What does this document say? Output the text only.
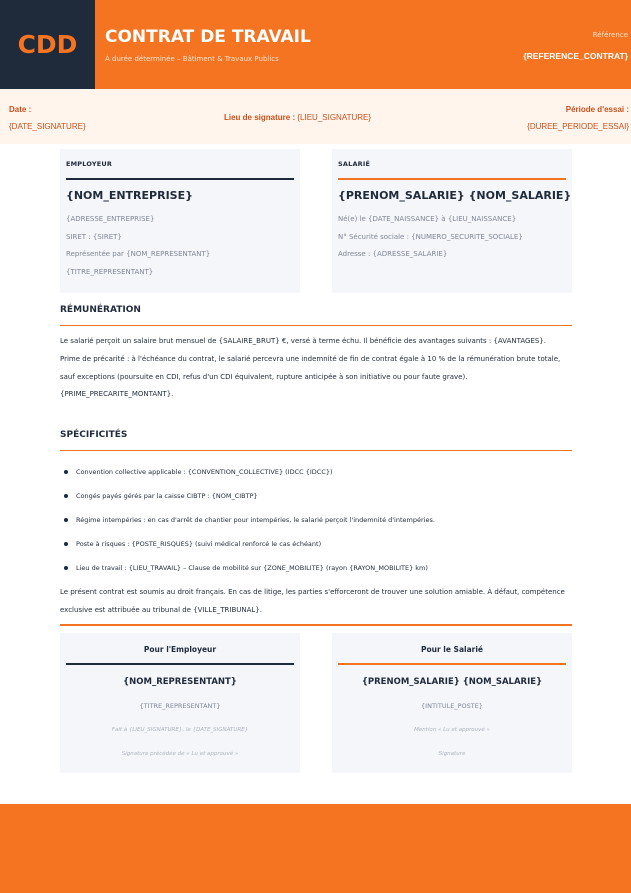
CDD	CONTRAT DE TRAVAIL
À durée déterminée – Bâtiment & Travaux Publics
Référence
{REFERENCE_CONTRAT}
Date :
{DATE_SIGNATURE}
Lieu de signature : {LIEU_SIGNATURE}
Période d'essai :
{DUREE_PERIODE_ESSAI}
EMPLOYEUR
{NOM_ENTREPRISE}
{ADRESSE_ENTREPRISE}
SIRET : {SIRET}
Représentée par {NOM_REPRESENTANT}
{TITRE_REPRESENTANT}
SALARIÉ
{PRENOM_SALARIE} {NOM_SALARIE}
Né(e) le {DATE_NAISSANCE} à {LIEU_NAISSANCE}
N° Sécurité sociale : {NUMERO_SECURITE_SOCIALE}
Adresse : {ADRESSE_SALARIE}
RÉMUNÉRATION
Le salarié perçoit un salaire brut mensuel de {SALAIRE_BRUT} €, versé à terme échu. Il bénéficie des avantages suivants : {AVANTAGES}.
Prime de précarité : à l'échéance du contrat, le salarié percevra une indemnité de fin de contrat égale à 10 % de la rémunération brute totale, sauf exceptions (poursuite en CDI, refus d'un CDI équivalent, rupture anticipée à son initiative ou pour faute grave). {PRIME_PRECARITE_MONTANT}.
SPÉCIFICITÉS
Convention collective applicable : {CONVENTION_COLLECTIVE} (IDCC {IDCC})
Congés payés gérés par la caisse CIBTP : {NOM_CIBTP}
Régime intempéries : en cas d'arrêt de chantier pour intempéries, le salarié perçoit l'indemnité d'intempéries.
Poste à risques : {POSTE_RISQUES} (suivi médical renforcé le cas échéant)
Lieu de travail : {LIEU_TRAVAIL} – Clause de mobilité sur {ZONE_MOBILITE} (rayon {RAYON_MOBILITE} km)
Le présent contrat est soumis au droit français. En cas de litige, les parties s'efforceront de trouver une solution amiable. À défaut, compétence exclusive est attribuée au tribunal de {VILLE_TRIBUNAL}.
Pour l'Employeur
{NOM_REPRESENTANT}
{TITRE_REPRESENTANT}
Fait à {LIEU_SIGNATURE}, le {DATE_SIGNATURE}
Signature précédée de « Lu et approuvé »
Pour le Salarié
{PRENOM_SALARIE} {NOM_SALARIE}
{INTITULE_POSTE}
Mention « Lu et approuvé »
Signature
